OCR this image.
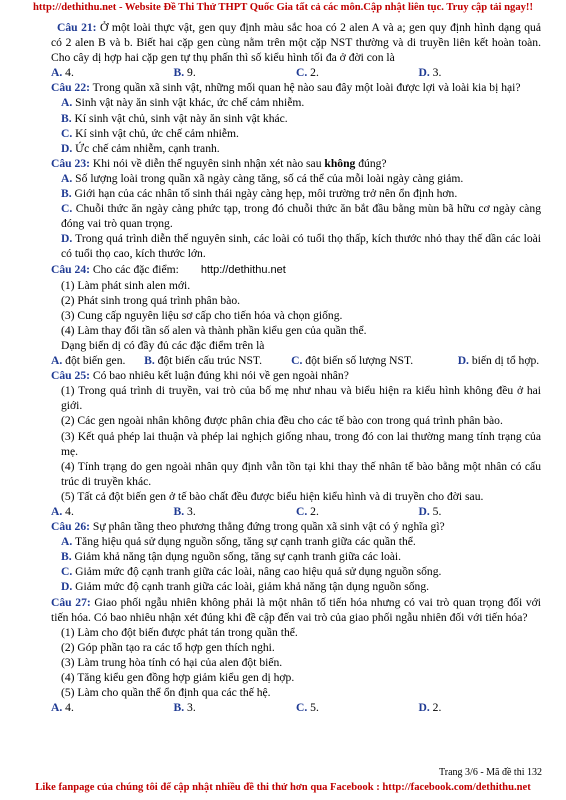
http://dethithu.net - Website Đề Thi Thử THPT Quốc Gia tất cả các môn.Cập nhật liên tục. Truy cập tải ngay!!

Câu 21: Ở một loài thực vật, gen quy định màu sắc hoa có 2 alen A và a; gen quy định hình dạng quả có 2 alen B và b. Biết hai cặp gen cùng nằm trên một cặp NST thường và di truyền liên kết hoàn toàn. Cho cây dị hợp hai cặp gen tự thụ phấn thì số kiểu hình tối đa ở đời con là

A. 4.	B. 9.	C. 2.	D. 3.

Câu 22: Trong quần xã sinh vật, những mối quan hệ nào sau đây một loài được lợi và loài kia bị hại?

A. Sinh vật này ăn sinh vật khác, ức chế cảm nhiễm.

B. Kí sinh vật chủ, sinh vật này ăn sinh vật khác.

C. Kí sinh vật chủ, ức chế cảm nhiễm.

D. Ức chế cảm nhiễm, cạnh tranh.

Câu 23: Khi nói về diễn thế nguyên sinh nhận xét nào sau không đúng?

A. Số lượng loài trong quần xã ngày càng tăng, số cá thể của mỗi loài ngày càng giảm.

B. Giới hạn của các nhân tố sinh thái ngày càng hẹp, môi trường trở nên ổn định hơn.

C. Chuỗi thức ăn ngày càng phức tạp, trong đó chuỗi thức ăn bắt đầu bằng mùn bã hữu cơ ngày càng đóng vai trò quan trọng.

D. Trong quá trình diễn thế nguyên sinh, các loài có tuổi thọ thấp, kích thước nhỏ thay thế dần các loài có tuổi thọ cao, kích thước lớn.

Câu 24: Cho các đặc điểm: http://dethithu.net

(1) Làm phát sinh alen mới.

(2) Phát sinh trong quá trình phân bào.

(3) Cung cấp nguyên liệu sơ cấp cho tiến hóa và chọn giống.

(4) Làm thay đổi tần số alen và thành phần kiểu gen của quần thể.

Dạng biến dị có đầy đủ các đặc điểm trên là

A. đột biến gen.	B. đột biến cấu trúc NST.	C. đột biến số lượng NST.	D. biến dị tổ hợp.

Câu 25: Có bao nhiêu kết luận đúng khi nói về gen ngoài nhân?

(1) Trong quá trình di truyền, vai trò của bố mẹ như nhau và biểu hiện ra kiểu hình không đều ở hai giới.

(2) Các gen ngoài nhân không được phân chia đều cho các tế bào con trong quá trình phân bào.

(3) Kết quả phép lai thuận và phép lai nghịch giống nhau, trong đó con lai thường mang tính trạng của mẹ.

(4) Tính trạng do gen ngoài nhân quy định vẫn tồn tại khi thay thế nhân tế bào bằng một nhân có cấu trúc di truyền khác.

(5) Tất cả đột biến gen ở tế bào chất đều được biểu hiện kiểu hình và di truyền cho đời sau.

A. 4.	B. 3.	C. 2.	D. 5.

Câu 26: Sự phân tầng theo phương thẳng đứng trong quần xã sinh vật có ý nghĩa gì?

A. Tăng hiệu quả sử dụng nguồn sống, tăng sự cạnh tranh giữa các quần thể.

B. Giảm khả năng tận dụng nguồn sống, tăng sự cạnh tranh giữa các loài.

C. Giảm mức độ cạnh tranh giữa các loài, nâng cao hiệu quả sử dụng nguồn sống.

D. Giảm mức độ cạnh tranh giữa các loài, giảm khả năng tận dụng nguồn sống.

Câu 27: Giao phối ngẫu nhiên không phải là một nhân tố tiến hóa nhưng có vai trò quan trọng đối với tiến hóa. Có bao nhiêu nhận xét đúng khi đề cập đến vai trò của giao phối ngẫu nhiên đối với tiến hóa?

(1) Làm cho đột biến được phát tán trong quần thể.

(2) Góp phần tạo ra các tổ hợp gen thích nghi.

(3) Làm trung hòa tính có hại của alen đột biến.

(4) Tăng kiểu gen đồng hợp giảm kiểu gen dị hợp.

(5) Làm cho quần thể ổn định qua các thế hệ.

A. 4.	B. 3.	C. 5.	D. 2.
Trang 3/6 - Mã đề thi 132
Like fanpage của chúng tôi để cập nhật nhiều đề thi thử hơn qua Facebook : http://facebook.com/dethithu.net
